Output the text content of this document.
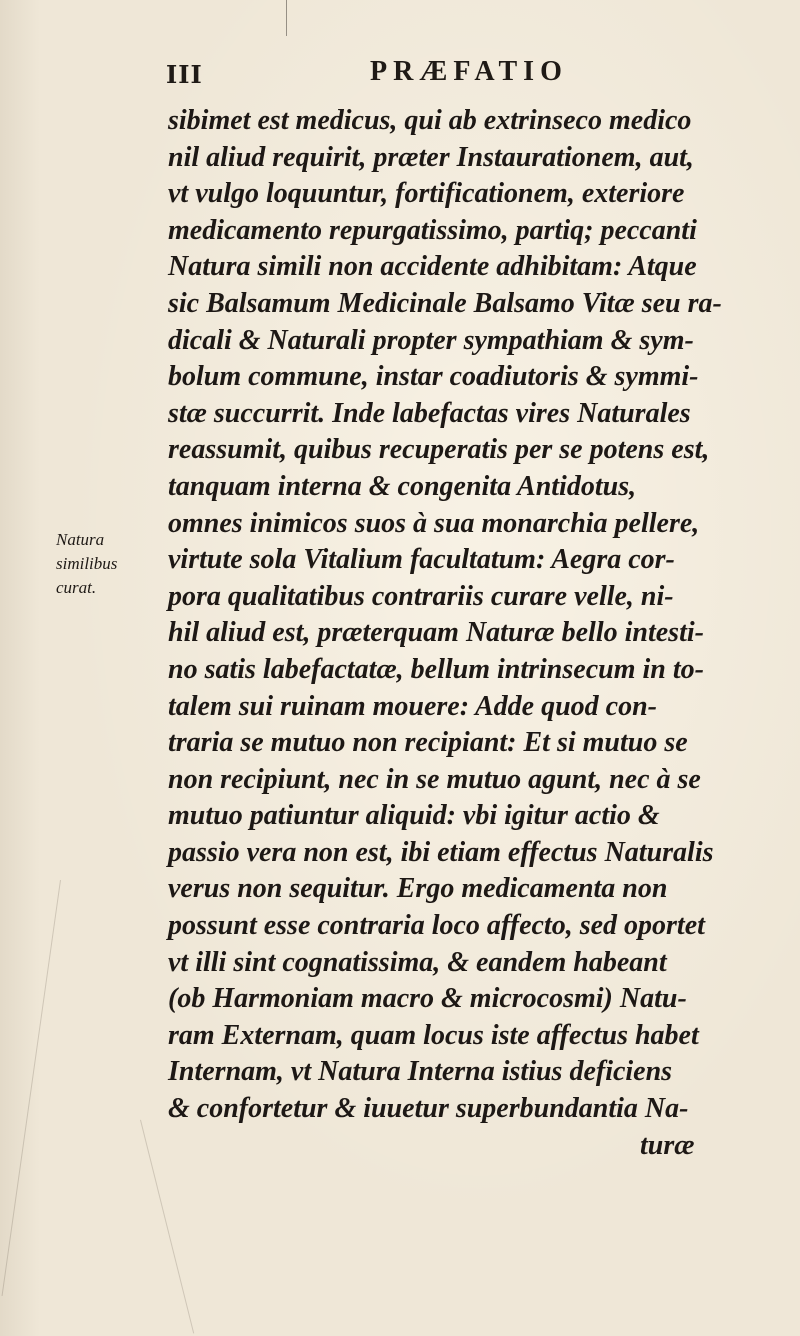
III	PRÆFATIO
Natura
similibus
curat.
sibimet est medicus, qui ab extrinseco medico
nil aliud requirit, præter Instaurationem, aut,
vt vulgo loquuntur, fortificationem, exteriore
medicamento repurgatissimo, partiq; peccanti
Natura simili non accidente adhibitam: Atque
sic Balsamum Medicinale Balsamo Vitæ seu ra-
dicali & Naturali propter sympathiam & sym-
bolum commune, instar coadiutoris & symmi-
stæ succurrit. Inde labefactas vires Naturales
reassumit, quibus recuperatis per se potens est,
tanquam interna & congenita Antidotus,
omnes inimicos suos à sua monarchia pellere,
virtute sola Vitalium facultatum: Aegra cor-
pora qualitatibus contrariis curare velle, ni-
hil aliud est, præterquam Naturæ bello intesti-
no satis labefactatæ, bellum intrinsecum in to-
talem sui ruinam mouere: Adde quod con-
traria se mutuo non recipiant: Et si mutuo se
non recipiunt, nec in se mutuo agunt, nec à se
mutuo patiuntur aliquid: vbi igitur actio &
passio vera non est, ibi etiam effectus Naturalis
verus non sequitur. Ergo medicamenta non
possunt esse contraria loco affecto, sed oportet
vt illi sint cognatissima, & eandem habeant
(ob Harmoniam macro & microcosmi) Natu-
ram Externam, quam locus iste affectus habet
Internam, vt Natura Interna istius deficiens
& confortetur & iuuetur superbundantia Na-
turæ
